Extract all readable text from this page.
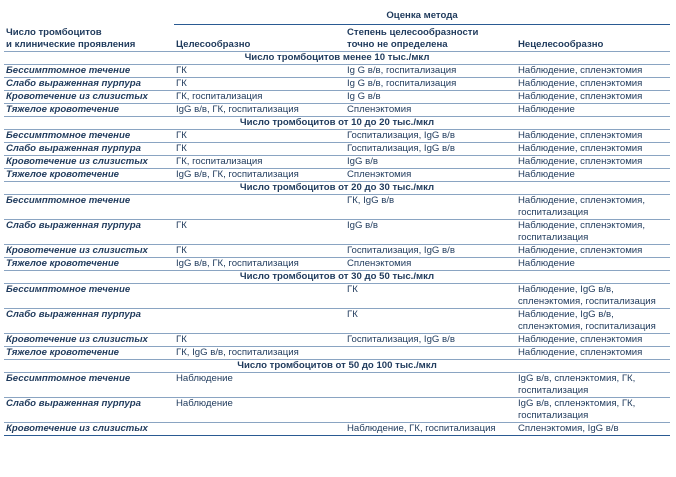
Число тромбоцитов
и клинические проявления	Оценка метода		

	Целесообразно	Степень целесообразности
точно не определена	Нецелесообразно

Число тромбоцитов менее 10 тыс./мкл			
Бессимптомное течение	ГК	Ig G в/в, госпитализация	Наблюдение, спленэктомия

Слабо выраженная пурпура	ГК	Ig G в/в, госпитализация	Наблюдение, спленэктомия

Кровотечение из слизистых	ГК, госпитализация	Ig G в/в	Наблюдение, спленэктомия

Тяжелое кровотечение	IgG в/в, ГК, госпитализация	Спленэктомия	Наблюдение

Число тромбоцитов от 10 до 20 тыс./мкл			
Бессимптомное течение	ГК	Госпитализация, IgG в/в	Наблюдение, спленэктомия

Слабо выраженная пурпура	ГК	Госпитализация, IgG в/в	Наблюдение, спленэктомия

Кровотечение из слизистых	ГК, госпитализация	IgG в/в	Наблюдение, спленэктомия

Тяжелое кровотечение	IgG в/в, ГК, госпитализация	Спленэктомия	Наблюдение

Число тромбоцитов от 20 до 30 тыс./мкл			
Бессимптомное течение		ГК, IgG в/в	Наблюдение, спленэктомия,
госпитализация

Слабо выраженная пурпура	ГК	IgG в/в	Наблюдение, спленэктомия,
госпитализация

Кровотечение из слизистых	ГК	Госпитализация, IgG в/в	Наблюдение, спленэктомия

Тяжелое кровотечение	IgG в/в, ГК, госпитализация	Спленэктомия	Наблюдение

Число тромбоцитов от 30 до 50 тыс./мкл			
Бессимптомное течение		ГК	Наблюдение, IgG в/в,
спленэктомия, госпитализация

Слабо выраженная пурпура		ГК	Наблюдение, IgG в/в,
спленэктомия, госпитализация

Кровотечение из слизистых	ГК	Госпитализация, IgG в/в	Наблюдение, спленэктомия

Тяжелое кровотечение	ГК, IgG в/в, госпитализация		Наблюдение, спленэктомия

Число тромбоцитов от 50 до 100 тыс./мкл			
Бессимптомное течение	Наблюдение		IgG в/в, спленэктомия, ГК,
госпитализация

Слабо выраженная пурпура	Наблюдение		IgG в/в, спленэктомия, ГК,
госпитализация

Кровотечение из слизистых		Наблюдение, ГК, госпитализация	Спленэктомия, IgG в/в
